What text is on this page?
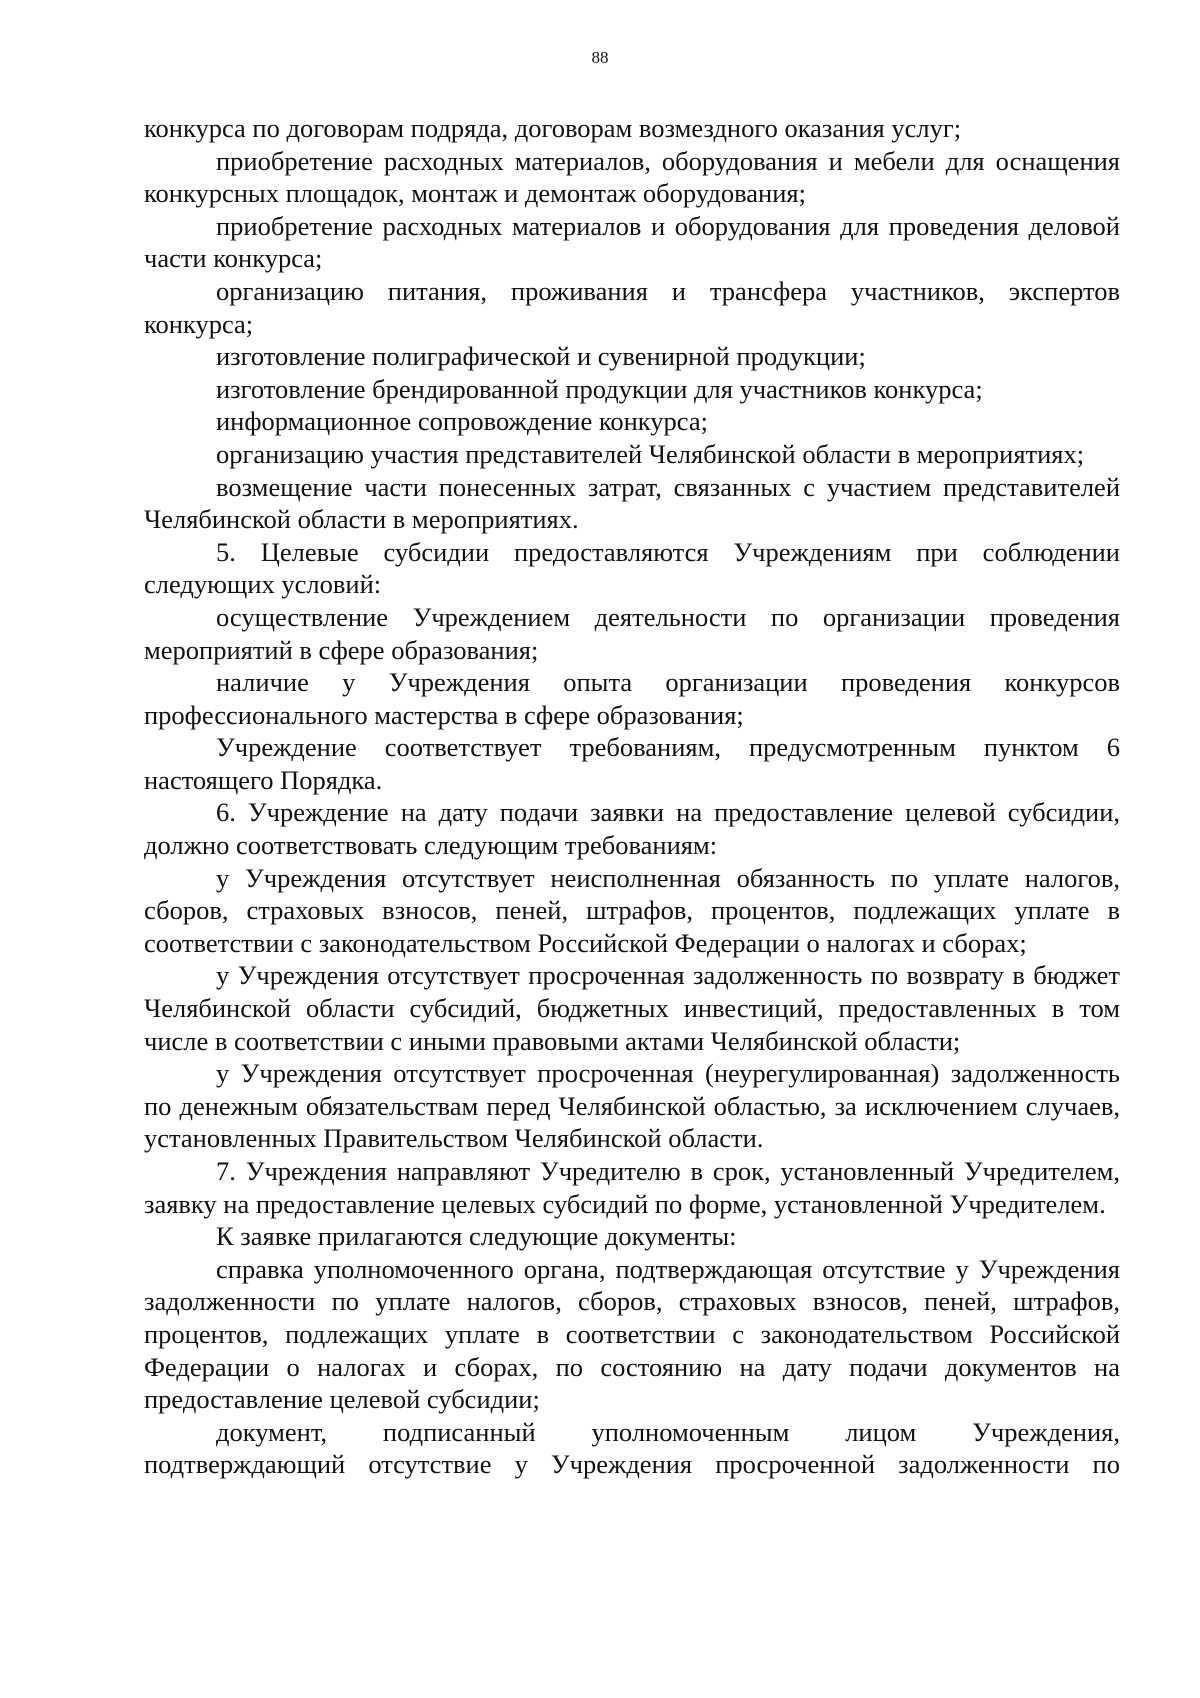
88

конкурса по договорам подряда, договорам возмездного оказания услуг;

приобретение расходных материалов, оборудования и мебели для оснащения конкурсных площадок, монтаж и демонтаж оборудования;

приобретение расходных материалов и оборудования для проведения деловой части конкурса;

организацию питания, проживания и трансфера участников, экспертов конкурса;

изготовление полиграфической и сувенирной продукции;

изготовление брендированной продукции для участников конкурса;

информационное сопровождение конкурса;

организацию участия представителей Челябинской области в мероприятиях;

возмещение части понесенных затрат, связанных с участием представителей Челябинской области в мероприятиях.

5. Целевые субсидии предоставляются Учреждениям при соблюдении следующих условий:

осуществление Учреждением деятельности по организации проведения мероприятий в сфере образования;

наличие у Учреждения опыта организации проведения конкурсов профессионального мастерства в сфере образования;

Учреждение соответствует требованиям, предусмотренным пунктом 6 настоящего Порядка.

6. Учреждение на дату подачи заявки на предоставление целевой субсидии, должно соответствовать следующим требованиям:

у Учреждения отсутствует неисполненная обязанность по уплате налогов, сборов, страховых взносов, пеней, штрафов, процентов, подлежащих уплате в соответствии с законодательством Российской Федерации о налогах и сборах;

у Учреждения отсутствует просроченная задолженность по возврату в бюджет Челябинской области субсидий, бюджетных инвестиций, предоставленных в том числе в соответствии с иными правовыми актами Челябинской области;

у Учреждения отсутствует просроченная (неурегулированная) задолженность по денежным обязательствам перед Челябинской областью, за исключением случаев, установленных Правительством Челябинской области.

7. Учреждения направляют Учредителю в срок, установленный Учредителем, заявку на предоставление целевых субсидий по форме, установленной Учредителем.

К заявке прилагаются следующие документы:

справка уполномоченного органа, подтверждающая отсутствие у Учреждения задолженности по уплате налогов, сборов, страховых взносов, пеней, штрафов, процентов, подлежащих уплате в соответствии с законодательством Российской Федерации о налогах и сборах, по состоянию на дату подачи документов на предоставление целевой субсидии;

документ, подписанный уполномоченным лицом Учреждения, подтверждающий отсутствие у Учреждения просроченной задолженности по
